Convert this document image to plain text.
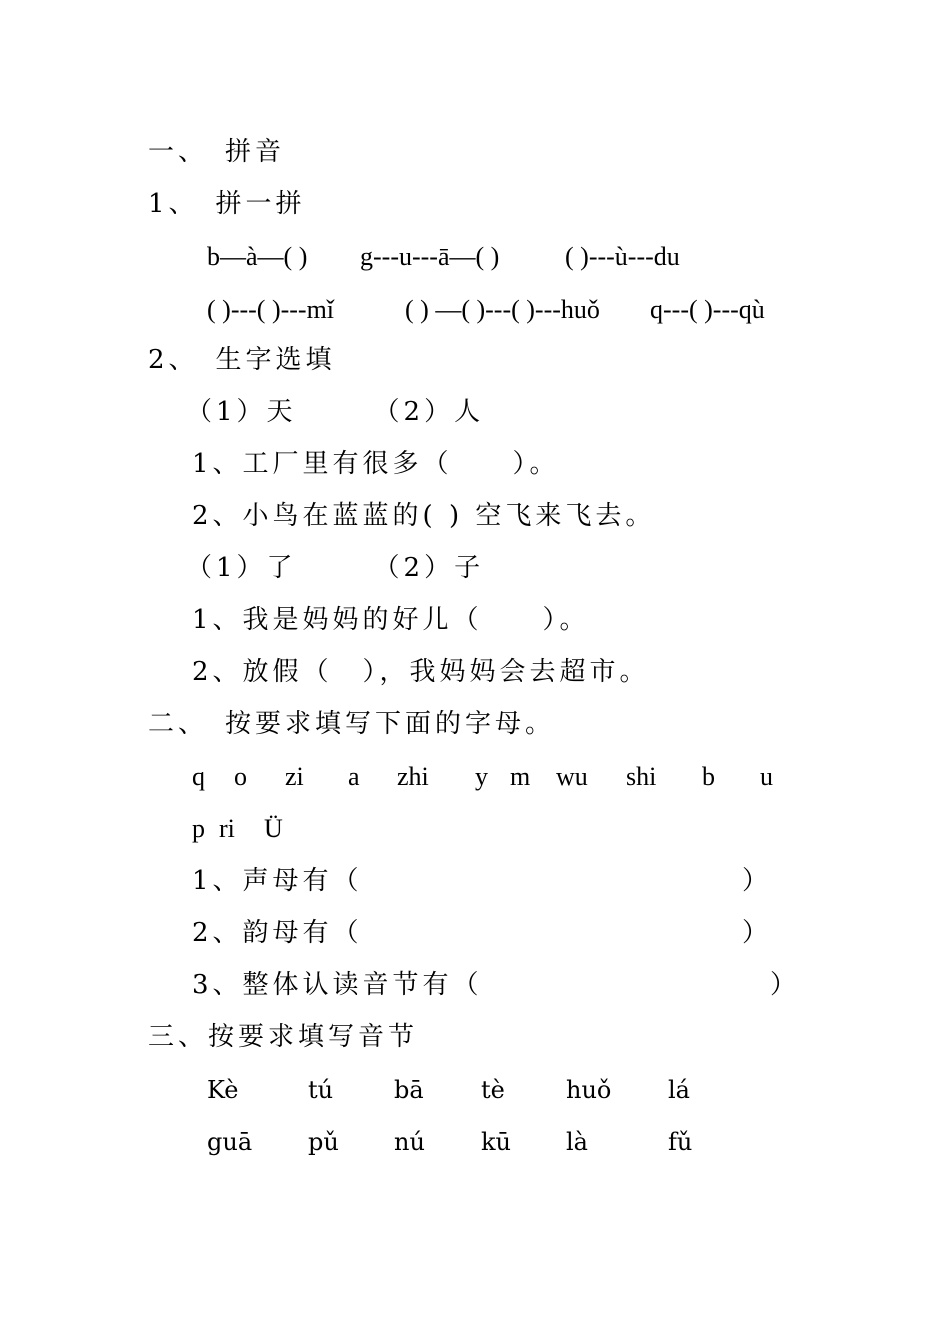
一、　拼音
1、　拼一拼
b—à—( ) g---u---ā—( )	( )---ù---du
( )---( )---mǐ	( ) —( )---( )---huǒ q---( )---qù
2、　生字选填
（1）天　　　（2）人
1、工厂里有很多（　　）。
2、小鸟在蓝蓝的( ) 空飞来飞去。
（1）了　　　（2）子
1、我是妈妈的好儿（　　）。
2、放假（　），我妈妈会去超市。
二、　按要求填写下面的字母。
q o zi a zhi y m wu shi b u
p ri Ü
1、声母有（	）
2、韵母有（	）
3、整体认读音节有（	）
三、按要求填写音节
Kè	tú	bā tè	huǒ lá
guā pǔ nú kū là	fǔ
